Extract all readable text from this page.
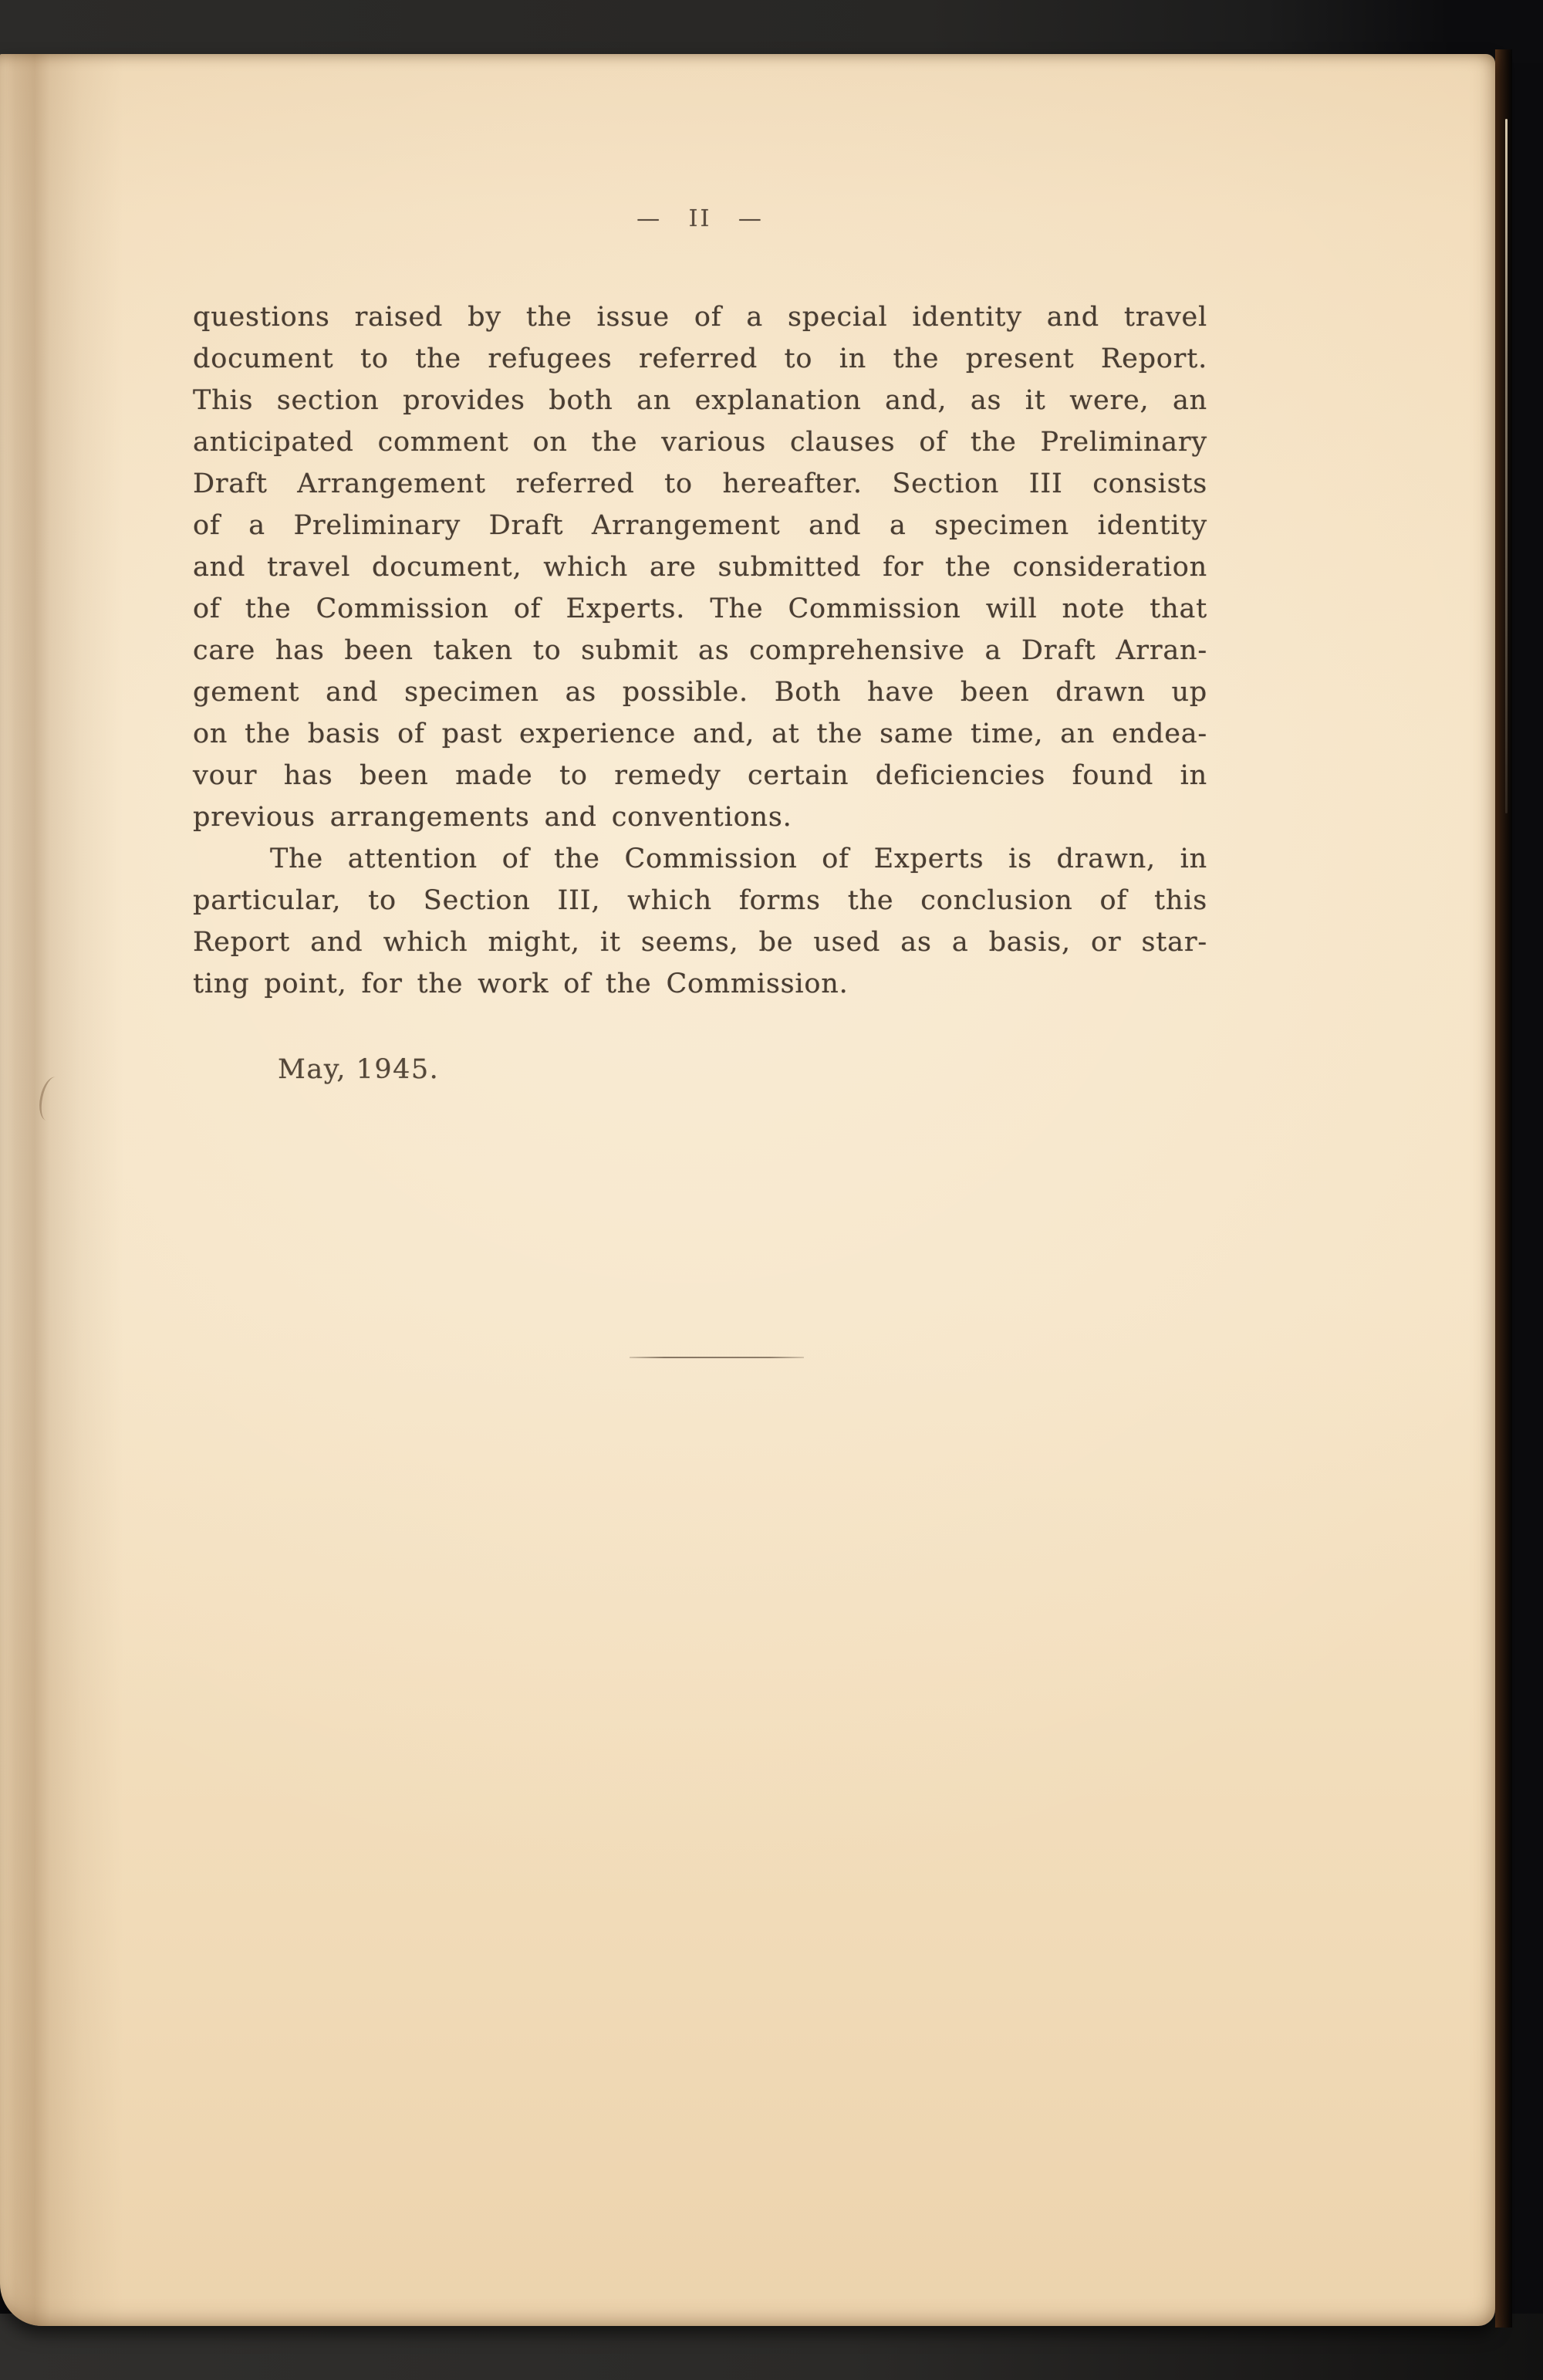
— II —
questions raised by the issue of a special identity and travel
document to the refugees referred to in the present Report.
This section provides both an explanation and, as it were, an
anticipated comment on the various clauses of the Preliminary
Draft Arrangement referred to hereafter. Section III consists
of a Preliminary Draft Arrangement and a specimen identity
and travel document, which are submitted for the consideration
of the Commission of Experts. The Commission will note that
care has been taken to submit as comprehensive a Draft Arran-
gement and specimen as possible. Both have been drawn up
on the basis of past experience and, at the same time, an endea-
vour has been made to remedy certain deficiencies found in
previous arrangements and conventions.
The attention of the Commission of Experts is drawn, in
particular, to Section III, which forms the conclusion of this
Report and which might, it seems, be used as a basis, or star-
ting point, for the work of the Commission.
May, 1945.
